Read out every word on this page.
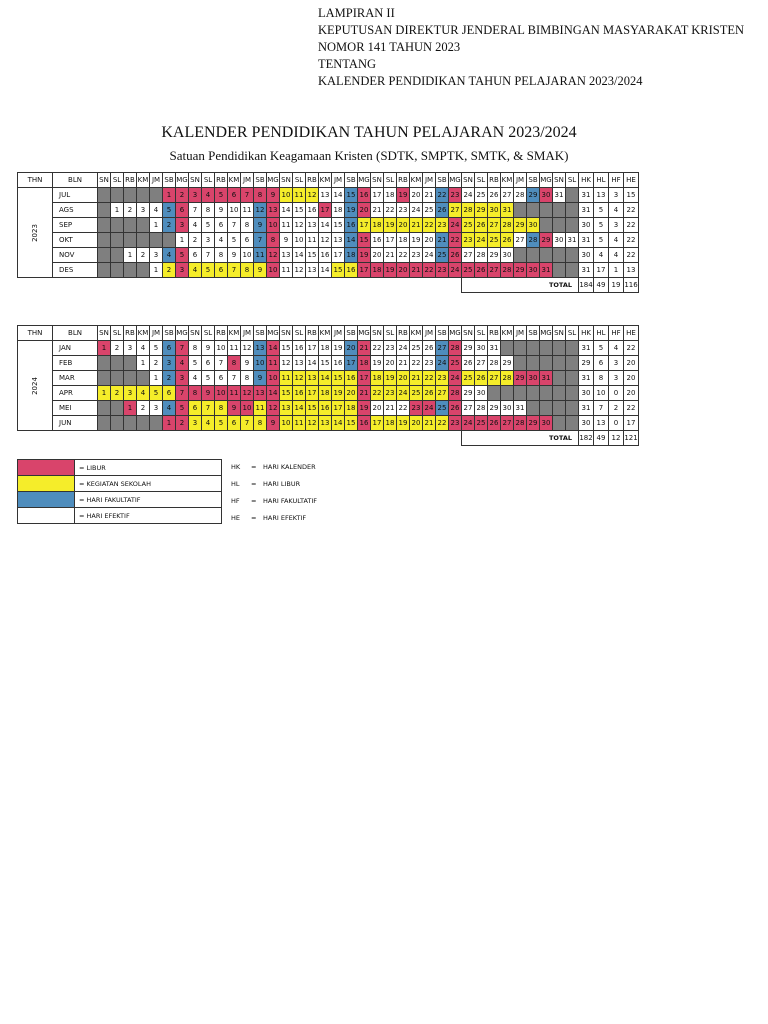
LAMPIRAN II
KEPUTUSAN DIREKTUR JENDERAL BIMBINGAN MASYARAKAT KRISTEN
NOMOR 141 TAHUN 2023
TENTANG
KALENDER PENDIDIKAN TAHUN PELAJARAN 2023/2024
KALENDER PENDIDIKAN TAHUN PELAJARAN 2023/2024
Satuan Pendidikan Keagamaan Kristen (SDTK, SMPTK, SMTK, & SMAK)
THN	BLN	SN	SL	RB	KM	JM	SB	MG	SN	SL	RB	KM	JM	SB	MG	SN	SL	RB	KM	JM	SB	MG	SN	SL	RB	KM	JM	SB	MG	SN	SL	RB	KM	JM	SB	MG	SN	SL	HK	HL	HF	HE
2023	JUL						1	2	3	4	5	6	7	8	9	10	11	12	13	14	15	16	17	18	19	20	21	22	23	24	25	26	27	28	29	30	31		31	13	3	15
	AGS		1	2	3	4	5	6	7	8	9	10	11	12	13	14	15	16	17	18	19	20	21	22	23	24	25	26	27	28	29	30	31						31	5	4	22
	SEP					1	2	3	4	5	6	7	8	9	10	11	12	13	14	15	16	17	18	19	20	21	22	23	24	25	26	27	28	29	30				30	5	3	22
	OKT							1	2	3	4	5	6	7	8	9	10	11	12	13	14	15	16	17	18	19	20	21	22	23	24	25	26	27	28	29	30	31	31	5	4	22
	NOV			1	2	3	4	5	6	7	8	9	10	11	12	13	14	15	16	17	18	19	20	21	22	23	24	25	26	27	28	29	30						30	4	4	22
	DES					1	2	3	4	5	6	7	8	9	10	11	12	13	14	15	16	17	18	19	20	21	22	23	24	25	26	27	28	29	30	31			31	17	1	13
																														TOTAL									184	49	19	116
THN	BLN	SN	SL	RB	KM	JM	SB	MG	SN	SL	RB	KM	JM	SB	MG	SN	SL	RB	KM	JM	SB	MG	SN	SL	RB	KM	JM	SB	MG	SN	SL	RB	KM	JM	SB	MG	SN	SL	HK	HL	HF	HE
2024	JAN	1	2	3	4	5	6	7	8	9	10	11	12	13	14	15	16	17	18	19	20	21	22	23	24	25	26	27	28	29	30	31							31	5	4	22
	FEB				1	2	3	4	5	6	7	8	9	10	11	12	13	14	15	16	17	18	19	20	21	22	23	24	25	26	27	28	29						29	6	3	20
	MAR					1	2	3	4	5	6	7	8	9	10	11	12	13	14	15	16	17	18	19	20	21	22	23	24	25	26	27	28	29	30	31			31	8	3	20
	APR	1	2	3	4	5	6	7	8	9	10	11	12	13	14	15	16	17	18	19	20	21	22	23	24	25	26	27	28	29	30								30	10	0	20
	MEI			1	2	3	4	5	6	7	8	9	10	11	12	13	14	15	16	17	18	19	20	21	22	23	24	25	26	27	28	29	30	31					31	7	2	22
	JUN						1	2	3	4	5	6	7	8	9	10	11	12	13	14	15	16	17	18	19	20	21	22	23	24	25	26	27	28	29	30			30	13	0	17
																														TOTAL									182	49	12	121
	= LIBUR
	= KEGIATAN SEKOLAH
	= HARI FAKULTATIF
	= HARI EFEKTIF
HK = HARI KALENDER
HL = HARI LIBUR
HF = HARI FAKULTATIF
HE = HARI EFEKTIF
